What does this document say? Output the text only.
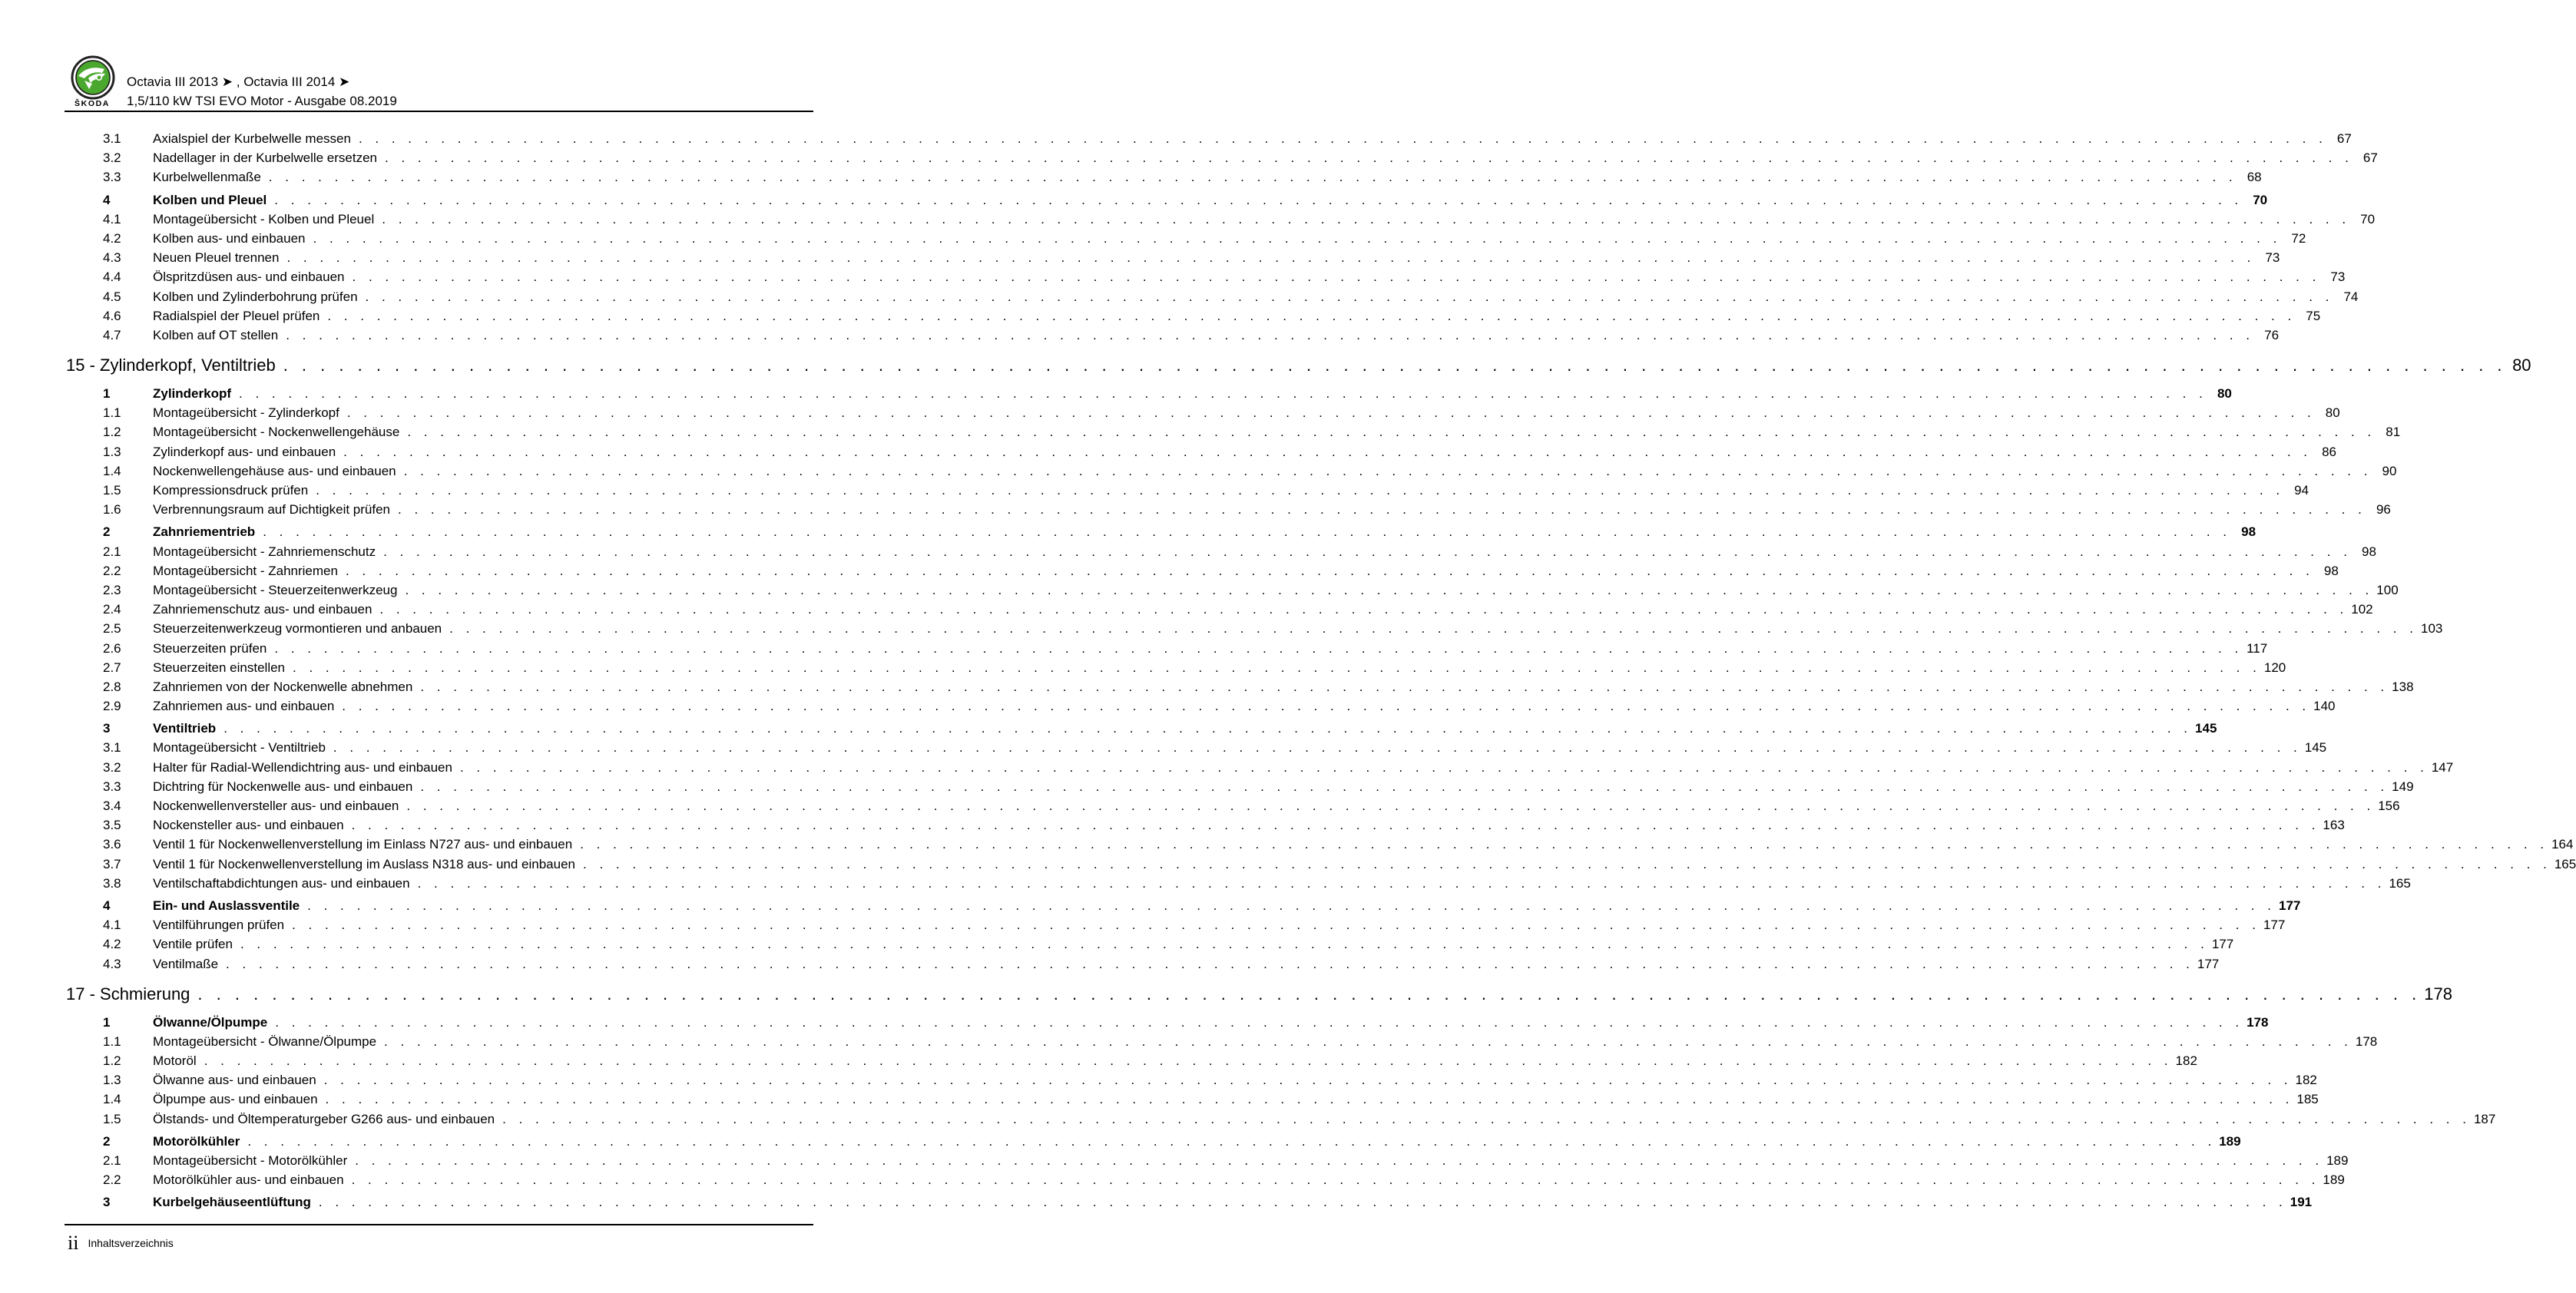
ŠKODA
Octavia III 2013 ➤ , Octavia III 2014 ➤
1,5/110 kW TSI EVO Motor - Ausgabe 08.2019
3.1	Axialspiel der Kurbelwelle messen . . . . . . . . . . . . . . . . . . . . . . . . . . . . . . . . . . . . . . . . . . . . . . . . . . . . . . . . . . . . . . . . . . . . . . . . . . . . . . . . . . . . . . . . . . . . . . . . . . . . . . . . . . . . . . . . . . . . . . . . 67
3.2	Nadellager in der Kurbelwelle ersetzen . . . . . . . . . . . . . . . . . . . . . . . . . . . . . . . . . . . . . . . . . . . . . . . . . . . . . . . . . . . . . . . . . . . . . . . . . . . . . . . . . . . . . . . . . . . . . . . . . . . . . . . . . . . . . . . . . . . . . . . . 67
3.3	Kurbelwellenmaße . . . . . . . . . . . . . . . . . . . . . . . . . . . . . . . . . . . . . . . . . . . . . . . . . . . . . . . . . . . . . . . . . . . . . . . . . . . . . . . . . . . . . . . . . . . . . . . . . . . . . . . . . . . . . . . . . . . . . . . . 68
4	Kolben und Pleuel . . . . . . . . . . . . . . . . . . . . . . . . . . . . . . . . . . . . . . . . . . . . . . . . . . . . . . . . . . . . . . . . . . . . . . . . . . . . . . . . . . . . . . . . . . . . . . . . . . . . . . . . . . . . . . . . . . . . . . . . 70
4.1	Montageübersicht - Kolben und Pleuel . . . . . . . . . . . . . . . . . . . . . . . . . . . . . . . . . . . . . . . . . . . . . . . . . . . . . . . . . . . . . . . . . . . . . . . . . . . . . . . . . . . . . . . . . . . . . . . . . . . . . . . . . . . . . . . . . . . . . . . . 70
4.2	Kolben aus- und einbauen . . . . . . . . . . . . . . . . . . . . . . . . . . . . . . . . . . . . . . . . . . . . . . . . . . . . . . . . . . . . . . . . . . . . . . . . . . . . . . . . . . . . . . . . . . . . . . . . . . . . . . . . . . . . . . . . . . . . . . . . 72
4.3	Neuen Pleuel trennen . . . . . . . . . . . . . . . . . . . . . . . . . . . . . . . . . . . . . . . . . . . . . . . . . . . . . . . . . . . . . . . . . . . . . . . . . . . . . . . . . . . . . . . . . . . . . . . . . . . . . . . . . . . . . . . . . . . . . . . . 73
4.4	Ölspritzdüsen aus- und einbauen . . . . . . . . . . . . . . . . . . . . . . . . . . . . . . . . . . . . . . . . . . . . . . . . . . . . . . . . . . . . . . . . . . . . . . . . . . . . . . . . . . . . . . . . . . . . . . . . . . . . . . . . . . . . . . . . . . . . . . . . 73
4.5	Kolben und Zylinderbohrung prüfen . . . . . . . . . . . . . . . . . . . . . . . . . . . . . . . . . . . . . . . . . . . . . . . . . . . . . . . . . . . . . . . . . . . . . . . . . . . . . . . . . . . . . . . . . . . . . . . . . . . . . . . . . . . . . . . . . . . . . . . . 74
4.6	Radialspiel der Pleuel prüfen . . . . . . . . . . . . . . . . . . . . . . . . . . . . . . . . . . . . . . . . . . . . . . . . . . . . . . . . . . . . . . . . . . . . . . . . . . . . . . . . . . . . . . . . . . . . . . . . . . . . . . . . . . . . . . . . . . . . . . . . 75
4.7	Kolben auf OT stellen . . . . . . . . . . . . . . . . . . . . . . . . . . . . . . . . . . . . . . . . . . . . . . . . . . . . . . . . . . . . . . . . . . . . . . . . . . . . . . . . . . . . . . . . . . . . . . . . . . . . . . . . . . . . . . . . . . . . . . . . 76
15 - Zylinderkopf, Ventiltrieb . . . . . . . . . . . . . . . . . . . . . . . . . . . . . . . . . . . . . . . . . . . . . . . . . . . . . . . . . . . . . . . . . . . . . . . . . . . . . . . . . . . . . . . . . . . . . . . . . . . . . . . . . . . . . . . . . . . . . . . . 80
1	Zylinderkopf . . . . . . . . . . . . . . . . . . . . . . . . . . . . . . . . . . . . . . . . . . . . . . . . . . . . . . . . . . . . . . . . . . . . . . . . . . . . . . . . . . . . . . . . . . . . . . . . . . . . . . . . . . . . . . . . . . . . . . . . 80
1.1	Montageübersicht - Zylinderkopf . . . . . . . . . . . . . . . . . . . . . . . . . . . . . . . . . . . . . . . . . . . . . . . . . . . . . . . . . . . . . . . . . . . . . . . . . . . . . . . . . . . . . . . . . . . . . . . . . . . . . . . . . . . . . . . . . . . . . . . . 80
1.2	Montageübersicht - Nockenwellengehäuse . . . . . . . . . . . . . . . . . . . . . . . . . . . . . . . . . . . . . . . . . . . . . . . . . . . . . . . . . . . . . . . . . . . . . . . . . . . . . . . . . . . . . . . . . . . . . . . . . . . . . . . . . . . . . . . . . . . . . . . . 81
1.3	Zylinderkopf aus- und einbauen . . . . . . . . . . . . . . . . . . . . . . . . . . . . . . . . . . . . . . . . . . . . . . . . . . . . . . . . . . . . . . . . . . . . . . . . . . . . . . . . . . . . . . . . . . . . . . . . . . . . . . . . . . . . . . . . . . . . . . . . 86
1.4	Nockenwellengehäuse aus- und einbauen . . . . . . . . . . . . . . . . . . . . . . . . . . . . . . . . . . . . . . . . . . . . . . . . . . . . . . . . . . . . . . . . . . . . . . . . . . . . . . . . . . . . . . . . . . . . . . . . . . . . . . . . . . . . . . . . . . . . . . . . 90
1.5	Kompressionsdruck prüfen . . . . . . . . . . . . . . . . . . . . . . . . . . . . . . . . . . . . . . . . . . . . . . . . . . . . . . . . . . . . . . . . . . . . . . . . . . . . . . . . . . . . . . . . . . . . . . . . . . . . . . . . . . . . . . . . . . . . . . . . 94
1.6	Verbrennungsraum auf Dichtigkeit prüfen . . . . . . . . . . . . . . . . . . . . . . . . . . . . . . . . . . . . . . . . . . . . . . . . . . . . . . . . . . . . . . . . . . . . . . . . . . . . . . . . . . . . . . . . . . . . . . . . . . . . . . . . . . . . . . . . . . . . . . . . 96
2	Zahnriementrieb . . . . . . . . . . . . . . . . . . . . . . . . . . . . . . . . . . . . . . . . . . . . . . . . . . . . . . . . . . . . . . . . . . . . . . . . . . . . . . . . . . . . . . . . . . . . . . . . . . . . . . . . . . . . . . . . . . . . . . . . 98
2.1	Montageübersicht - Zahnriemenschutz . . . . . . . . . . . . . . . . . . . . . . . . . . . . . . . . . . . . . . . . . . . . . . . . . . . . . . . . . . . . . . . . . . . . . . . . . . . . . . . . . . . . . . . . . . . . . . . . . . . . . . . . . . . . . . . . . . . . . . . . 98
2.2	Montageübersicht - Zahnriemen . . . . . . . . . . . . . . . . . . . . . . . . . . . . . . . . . . . . . . . . . . . . . . . . . . . . . . . . . . . . . . . . . . . . . . . . . . . . . . . . . . . . . . . . . . . . . . . . . . . . . . . . . . . . . . . . . . . . . . . . 98
2.3	Montageübersicht - Steuerzeitenwerkzeug . . . . . . . . . . . . . . . . . . . . . . . . . . . . . . . . . . . . . . . . . . . . . . . . . . . . . . . . . . . . . . . . . . . . . . . . . . . . . . . . . . . . . . . . . . . . . . . . . . . . . . . . . . . . . . . . . . . . . . . . 100
2.4	Zahnriemenschutz aus- und einbauen . . . . . . . . . . . . . . . . . . . . . . . . . . . . . . . . . . . . . . . . . . . . . . . . . . . . . . . . . . . . . . . . . . . . . . . . . . . . . . . . . . . . . . . . . . . . . . . . . . . . . . . . . . . . . . . . . . . . . . . . 102
2.5	Steuerzeitenwerkzeug vormontieren und anbauen . . . . . . . . . . . . . . . . . . . . . . . . . . . . . . . . . . . . . . . . . . . . . . . . . . . . . . . . . . . . . . . . . . . . . . . . . . . . . . . . . . . . . . . . . . . . . . . . . . . . . . . . . . . . . . . . . . . . . . . . 103
2.6	Steuerzeiten prüfen . . . . . . . . . . . . . . . . . . . . . . . . . . . . . . . . . . . . . . . . . . . . . . . . . . . . . . . . . . . . . . . . . . . . . . . . . . . . . . . . . . . . . . . . . . . . . . . . . . . . . . . . . . . . . . . . . . . . . . . . 117
2.7	Steuerzeiten einstellen . . . . . . . . . . . . . . . . . . . . . . . . . . . . . . . . . . . . . . . . . . . . . . . . . . . . . . . . . . . . . . . . . . . . . . . . . . . . . . . . . . . . . . . . . . . . . . . . . . . . . . . . . . . . . . . . . . . . . . . . 120
2.8	Zahnriemen von der Nockenwelle abnehmen . . . . . . . . . . . . . . . . . . . . . . . . . . . . . . . . . . . . . . . . . . . . . . . . . . . . . . . . . . . . . . . . . . . . . . . . . . . . . . . . . . . . . . . . . . . . . . . . . . . . . . . . . . . . . . . . . . . . . . . . 138
2.9	Zahnriemen aus- und einbauen . . . . . . . . . . . . . . . . . . . . . . . . . . . . . . . . . . . . . . . . . . . . . . . . . . . . . . . . . . . . . . . . . . . . . . . . . . . . . . . . . . . . . . . . . . . . . . . . . . . . . . . . . . . . . . . . . . . . . . . . 140
3	Ventiltrieb . . . . . . . . . . . . . . . . . . . . . . . . . . . . . . . . . . . . . . . . . . . . . . . . . . . . . . . . . . . . . . . . . . . . . . . . . . . . . . . . . . . . . . . . . . . . . . . . . . . . . . . . . . . . . . . . . . . . . . . . 145
3.1	Montageübersicht - Ventiltrieb . . . . . . . . . . . . . . . . . . . . . . . . . . . . . . . . . . . . . . . . . . . . . . . . . . . . . . . . . . . . . . . . . . . . . . . . . . . . . . . . . . . . . . . . . . . . . . . . . . . . . . . . . . . . . . . . . . . . . . . . 145
3.2	Halter für Radial-Wellendichtring aus- und einbauen . . . . . . . . . . . . . . . . . . . . . . . . . . . . . . . . . . . . . . . . . . . . . . . . . . . . . . . . . . . . . . . . . . . . . . . . . . . . . . . . . . . . . . . . . . . . . . . . . . . . . . . . . . . . . . . . . . . . . . . . 147
3.3	Dichtring für Nockenwelle aus- und einbauen . . . . . . . . . . . . . . . . . . . . . . . . . . . . . . . . . . . . . . . . . . . . . . . . . . . . . . . . . . . . . . . . . . . . . . . . . . . . . . . . . . . . . . . . . . . . . . . . . . . . . . . . . . . . . . . . . . . . . . . . 149
3.4	Nockenwellenversteller aus- und einbauen . . . . . . . . . . . . . . . . . . . . . . . . . . . . . . . . . . . . . . . . . . . . . . . . . . . . . . . . . . . . . . . . . . . . . . . . . . . . . . . . . . . . . . . . . . . . . . . . . . . . . . . . . . . . . . . . . . . . . . . . 156
3.5	Nockensteller aus- und einbauen . . . . . . . . . . . . . . . . . . . . . . . . . . . . . . . . . . . . . . . . . . . . . . . . . . . . . . . . . . . . . . . . . . . . . . . . . . . . . . . . . . . . . . . . . . . . . . . . . . . . . . . . . . . . . . . . . . . . . . . . 163
3.6	Ventil 1 für Nockenwellenverstellung im Einlass N727 aus- und einbauen . . . . . . . . . . . . . . . . . . . . . . . . . . . . . . . . . . . . . . . . . . . . . . . . . . . . . . . . . . . . . . . . . . . . . . . . . . . . . . . . . . . . . . . . . . . . . . . . . . . . . . . . . . . . . . . . . . . . . . . . 164
3.7	Ventil 1 für Nockenwellenverstellung im Auslass N318 aus- und einbauen . . . . . . . . . . . . . . . . . . . . . . . . . . . . . . . . . . . . . . . . . . . . . . . . . . . . . . . . . . . . . . . . . . . . . . . . . . . . . . . . . . . . . . . . . . . . . . . . . . . . . . . . . . . . . . . . . . . . . . . . 165
3.8	Ventilschaftabdichtungen aus- und einbauen . . . . . . . . . . . . . . . . . . . . . . . . . . . . . . . . . . . . . . . . . . . . . . . . . . . . . . . . . . . . . . . . . . . . . . . . . . . . . . . . . . . . . . . . . . . . . . . . . . . . . . . . . . . . . . . . . . . . . . . . 165
4	Ein- und Auslassventile . . . . . . . . . . . . . . . . . . . . . . . . . . . . . . . . . . . . . . . . . . . . . . . . . . . . . . . . . . . . . . . . . . . . . . . . . . . . . . . . . . . . . . . . . . . . . . . . . . . . . . . . . . . . . . . . . . . . . . . . 177
4.1	Ventilführungen prüfen . . . . . . . . . . . . . . . . . . . . . . . . . . . . . . . . . . . . . . . . . . . . . . . . . . . . . . . . . . . . . . . . . . . . . . . . . . . . . . . . . . . . . . . . . . . . . . . . . . . . . . . . . . . . . . . . . . . . . . . . 177
4.2	Ventile prüfen . . . . . . . . . . . . . . . . . . . . . . . . . . . . . . . . . . . . . . . . . . . . . . . . . . . . . . . . . . . . . . . . . . . . . . . . . . . . . . . . . . . . . . . . . . . . . . . . . . . . . . . . . . . . . . . . . . . . . . . . 177
4.3	Ventilmaße . . . . . . . . . . . . . . . . . . . . . . . . . . . . . . . . . . . . . . . . . . . . . . . . . . . . . . . . . . . . . . . . . . . . . . . . . . . . . . . . . . . . . . . . . . . . . . . . . . . . . . . . . . . . . . . . . . . . . . . . 177
17 - Schmierung . . . . . . . . . . . . . . . . . . . . . . . . . . . . . . . . . . . . . . . . . . . . . . . . . . . . . . . . . . . . . . . . . . . . . . . . . . . . . . . . . . . . . . . . . . . . . . . . . . . . . . . . . . . . . . . . . . . . . . . . 178
1	Ölwanne/Ölpumpe . . . . . . . . . . . . . . . . . . . . . . . . . . . . . . . . . . . . . . . . . . . . . . . . . . . . . . . . . . . . . . . . . . . . . . . . . . . . . . . . . . . . . . . . . . . . . . . . . . . . . . . . . . . . . . . . . . . . . . . . 178
1.1	Montageübersicht - Ölwanne/Ölpumpe . . . . . . . . . . . . . . . . . . . . . . . . . . . . . . . . . . . . . . . . . . . . . . . . . . . . . . . . . . . . . . . . . . . . . . . . . . . . . . . . . . . . . . . . . . . . . . . . . . . . . . . . . . . . . . . . . . . . . . . . 178
1.2	Motoröl . . . . . . . . . . . . . . . . . . . . . . . . . . . . . . . . . . . . . . . . . . . . . . . . . . . . . . . . . . . . . . . . . . . . . . . . . . . . . . . . . . . . . . . . . . . . . . . . . . . . . . . . . . . . . . . . . . . . . . . . 182
1.3	Ölwanne aus- und einbauen . . . . . . . . . . . . . . . . . . . . . . . . . . . . . . . . . . . . . . . . . . . . . . . . . . . . . . . . . . . . . . . . . . . . . . . . . . . . . . . . . . . . . . . . . . . . . . . . . . . . . . . . . . . . . . . . . . . . . . . . 182
1.4	Ölpumpe aus- und einbauen . . . . . . . . . . . . . . . . . . . . . . . . . . . . . . . . . . . . . . . . . . . . . . . . . . . . . . . . . . . . . . . . . . . . . . . . . . . . . . . . . . . . . . . . . . . . . . . . . . . . . . . . . . . . . . . . . . . . . . . . 185
1.5	Ölstands- und Öltemperaturgeber G266 aus- und einbauen . . . . . . . . . . . . . . . . . . . . . . . . . . . . . . . . . . . . . . . . . . . . . . . . . . . . . . . . . . . . . . . . . . . . . . . . . . . . . . . . . . . . . . . . . . . . . . . . . . . . . . . . . . . . . . . . . . . . . . . . 187
2	Motorölkühler . . . . . . . . . . . . . . . . . . . . . . . . . . . . . . . . . . . . . . . . . . . . . . . . . . . . . . . . . . . . . . . . . . . . . . . . . . . . . . . . . . . . . . . . . . . . . . . . . . . . . . . . . . . . . . . . . . . . . . . . 189
2.1	Montageübersicht - Motorölkühler . . . . . . . . . . . . . . . . . . . . . . . . . . . . . . . . . . . . . . . . . . . . . . . . . . . . . . . . . . . . . . . . . . . . . . . . . . . . . . . . . . . . . . . . . . . . . . . . . . . . . . . . . . . . . . . . . . . . . . . . 189
2.2	Motorölkühler aus- und einbauen . . . . . . . . . . . . . . . . . . . . . . . . . . . . . . . . . . . . . . . . . . . . . . . . . . . . . . . . . . . . . . . . . . . . . . . . . . . . . . . . . . . . . . . . . . . . . . . . . . . . . . . . . . . . . . . . . . . . . . . . 189
3	Kurbelgehäuseentlüftung . . . . . . . . . . . . . . . . . . . . . . . . . . . . . . . . . . . . . . . . . . . . . . . . . . . . . . . . . . . . . . . . . . . . . . . . . . . . . . . . . . . . . . . . . . . . . . . . . . . . . . . . . . . . . . . . . . . . . . . . 191
ii Inhaltsverzeichnis
